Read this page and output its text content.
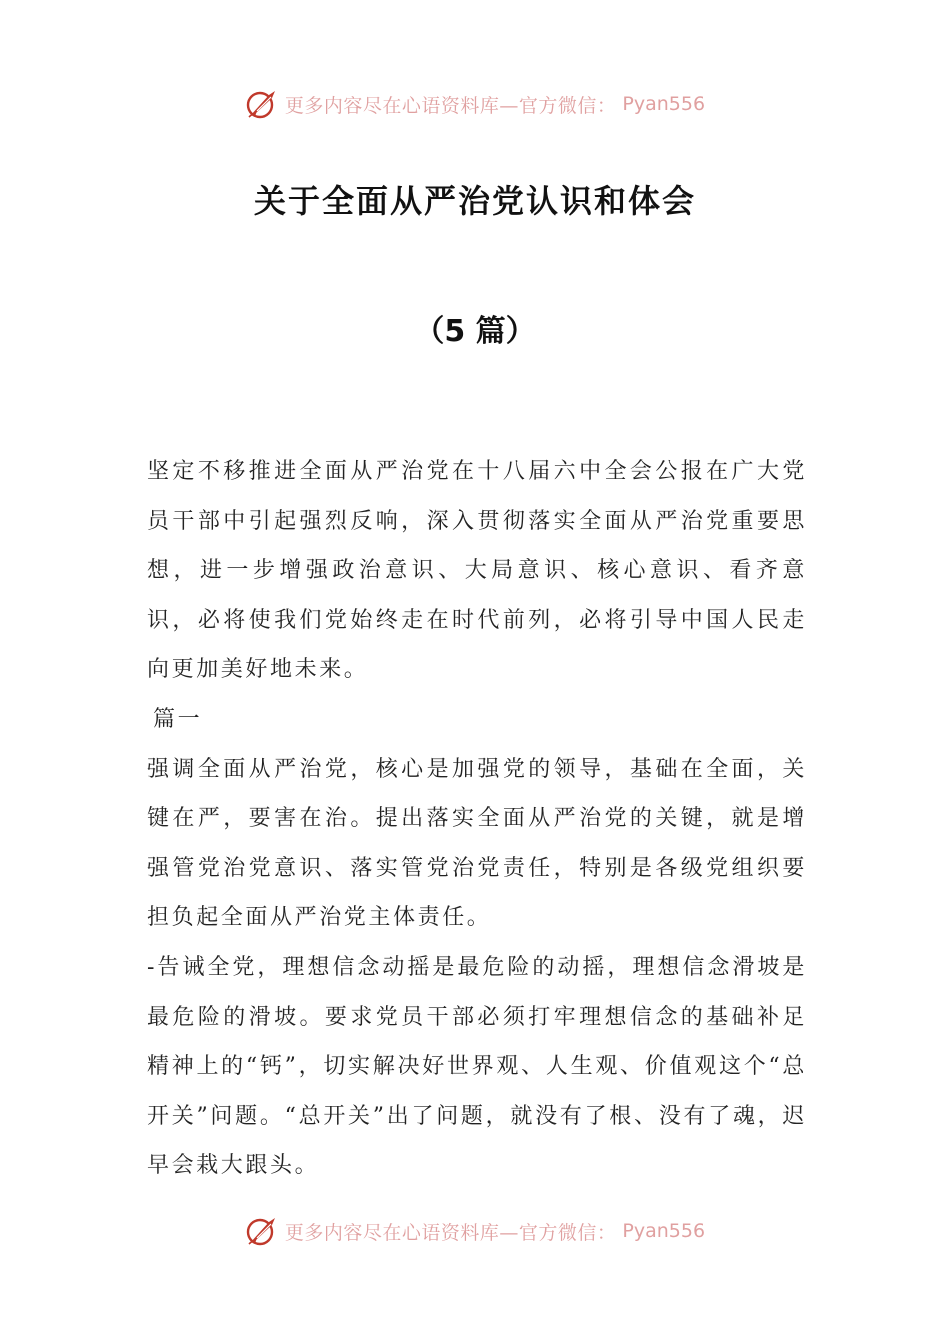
更多内容尽在心语资料库—官方微信： Pyan556
关于全面从严治党认识和体会
（5 篇）

坚定不移推进全面从严治党在十八届六中全会公报在广大党员干部中引起强烈反响，深入贯彻落实全面从严治党重要思想，进一步增强政治意识、大局意识、核心意识、看齐意识，必将使我们党始终走在时代前列，必将引导中国人民走向更加美好地未来。

篇一

强调全面从严治党，核心是加强党的领导，基础在全面，关键在严，要害在治。提出落实全面从严治党的关键，就是增强管党治党意识、落实管党治党责任，特别是各级党组织要担负起全面从严治党主体责任。

-告诫全党，理想信念动摇是最危险的动摇，理想信念滑坡是最危险的滑坡。要求党员干部必须打牢理想信念的基础补足精神上的“钙”，切实解决好世界观、人生观、价值观这个“总开关”问题。“总开关”出了问题，就没有了根、没有了魂，迟早会栽大跟头。

更多内容尽在心语资料库—官方微信： Pyan556
